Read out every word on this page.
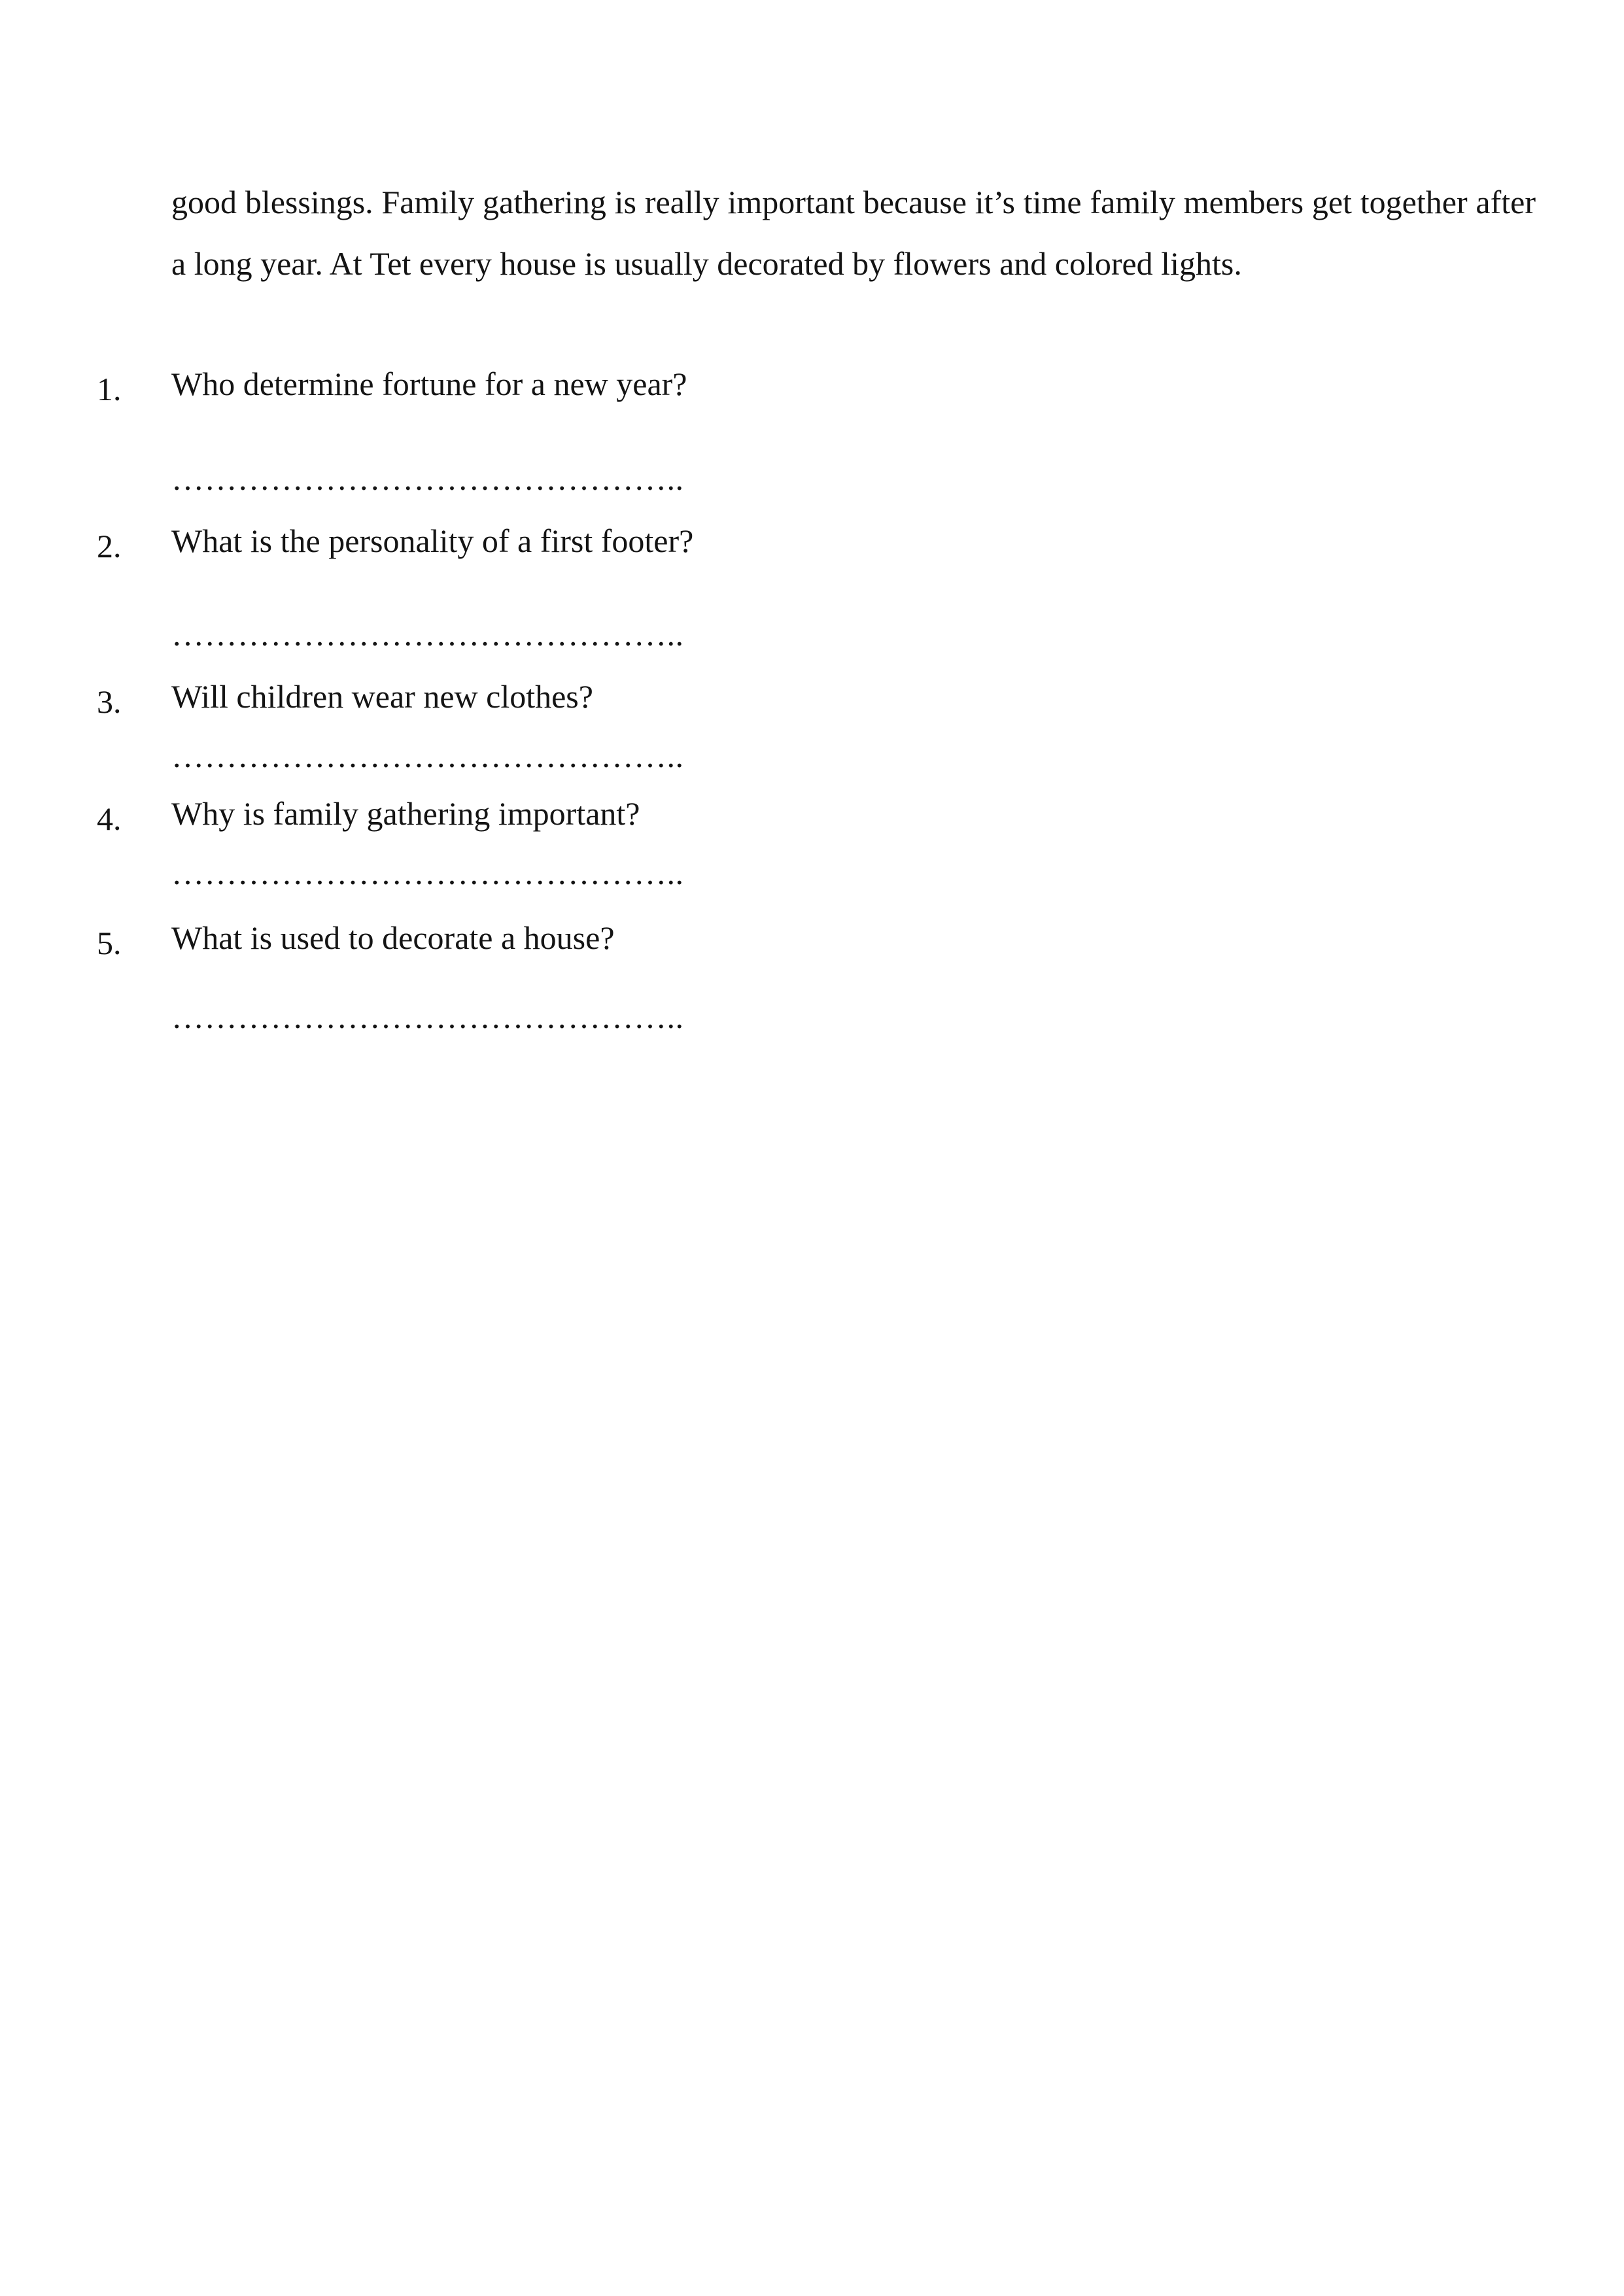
good blessings. Family gathering is really important because it’s time family members get together after a long year. At Tet every house is usually decorated by flowers and colored lights.

1. Who determine fortune for a new year?
………………………………………..
2. What is the personality of a first footer?
………………………………………..
3. Will children wear new clothes?
………………………………………..
4. Why is family gathering important?
………………………………………..
5. What is used to decorate a house?
………………………………………..
